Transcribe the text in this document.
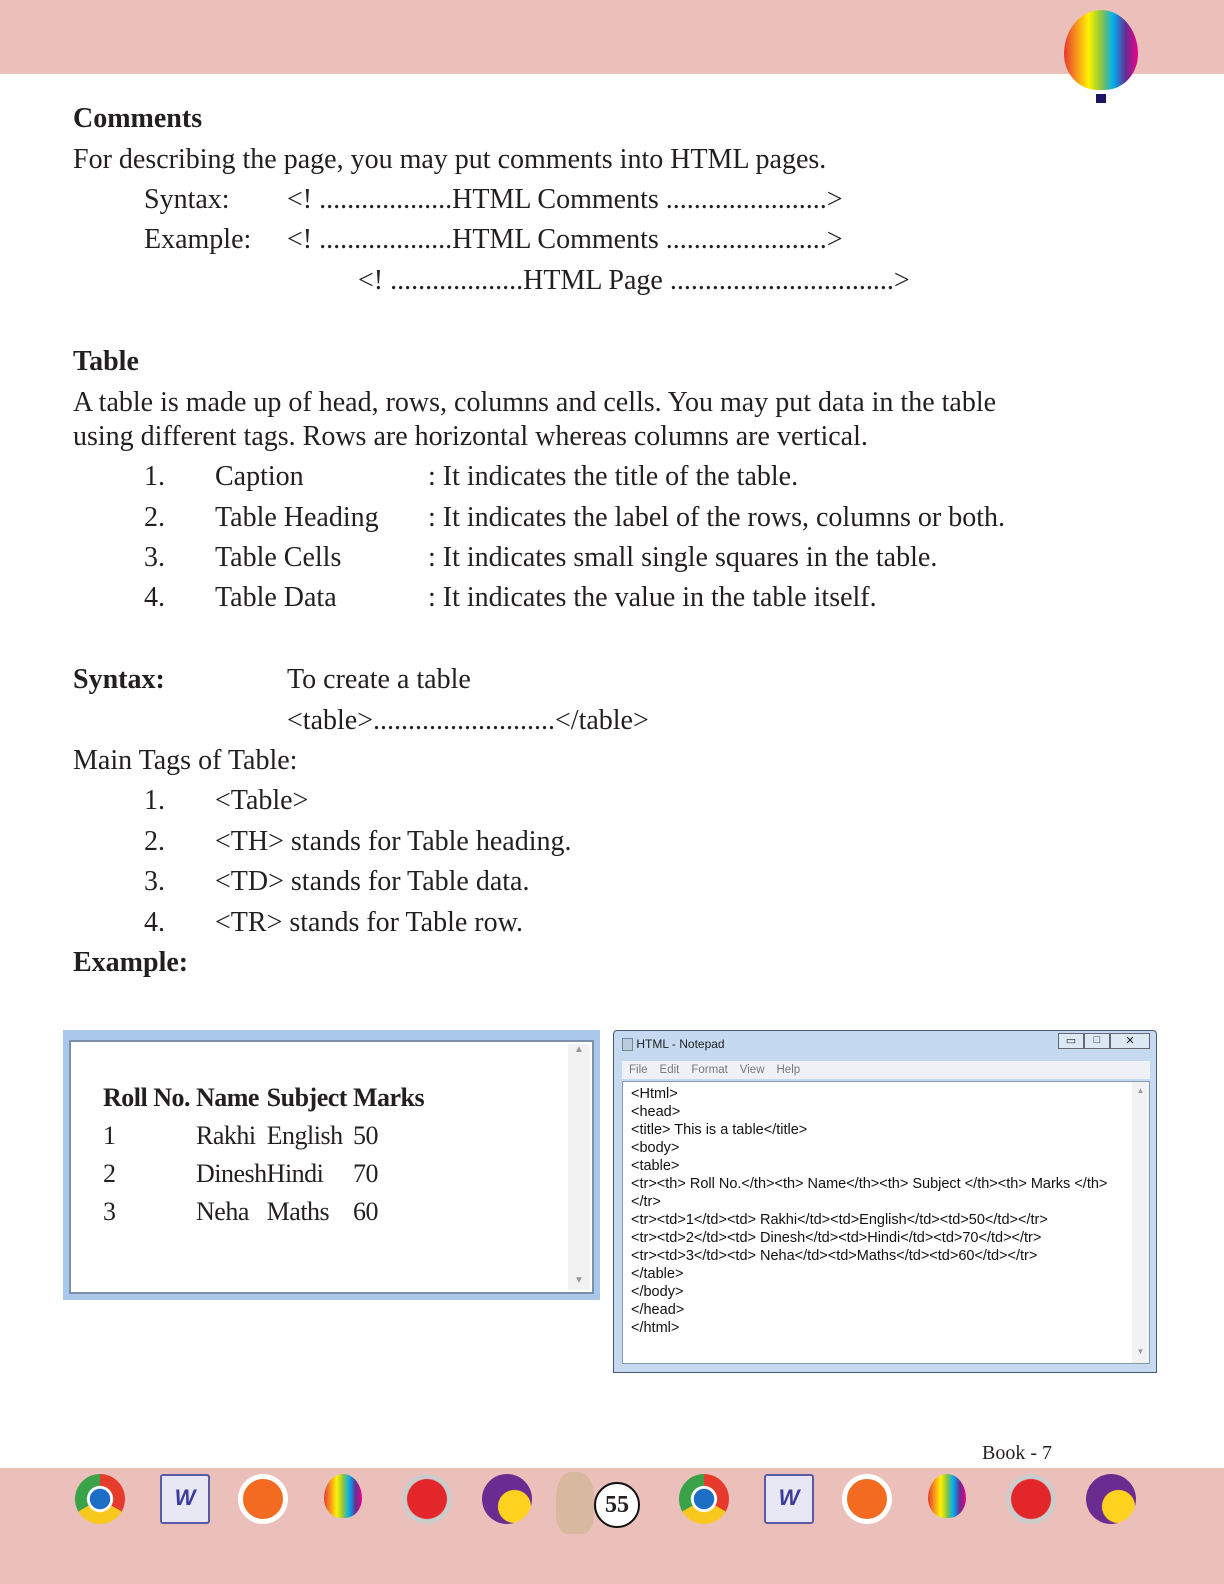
Comments
For describing the page, you may put comments into HTML pages.
Syntax: <! ...................HTML Comments .......................>
Example: <! ...................HTML Comments .......................>
<! ...................HTML Page ................................>
Table
A table is made up of head, rows, columns and cells. You may put data in the table
using different tags. Rows are horizontal whereas columns are vertical.
1. Caption	: It indicates the title of the table.
2. Table Heading : It indicates the label of the rows, columns or both.
3. Table Cells	: It indicates small single squares in the table.
4. Table Data	: It indicates the value in the table itself.
Syntax:	To create a table
<table>..........................</table>
Main Tags of Table:
1. <Table>
2. <TH> stands for Table heading.
3. <TD> stands for Table data.
4. <TR> stands for Table row.
Example:
▲
▼
Roll No.	Name	Subject	Marks
1	Rakhi	English	50
2	Dinesh	Hindi	70
3	Neha	Maths	60
HTML - Notepad	▭	□	✕
File Edit Format View Help
<Html>
<head>
<title> This is a table</title>
<body>
<table>
<tr><th> Roll No.</th><th> Name</th><th> Subject </th><th> Marks </th>
</tr>
<tr><td>1</td><td> Rakhi</td><td>English</td><td>50</td></tr>
<tr><td>2</td><td> Dinesh</td><td>Hindi</td><td>70</td></tr>
<tr><td>3</td><td> Neha</td><td>Maths</td><td>60</td></tr>
</table>
</body>
</head>
</html>
▲
▼
Book - 7
W	55	W
